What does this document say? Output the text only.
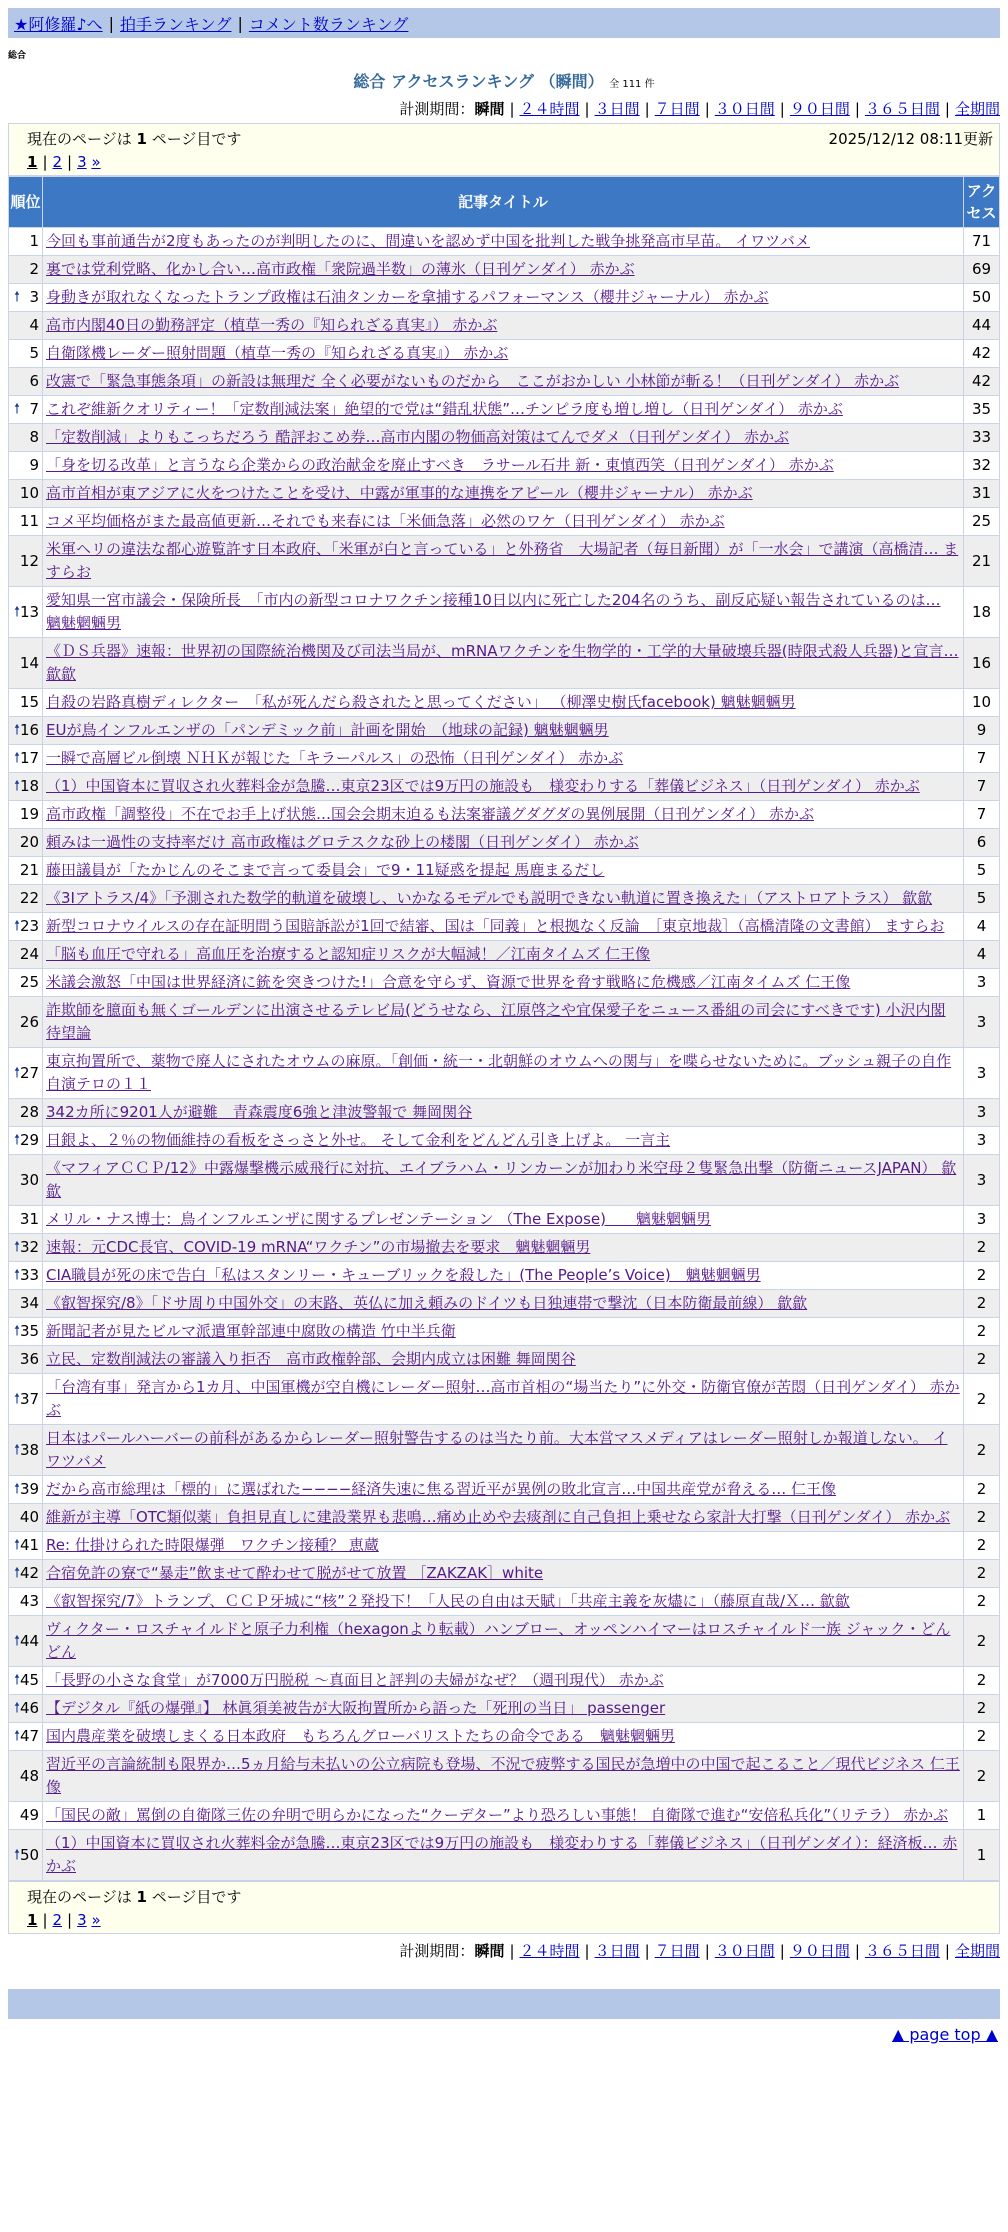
★阿修羅♪へ | 拍手ランキング | コメント数ランキング
総合
総合 アクセスランキング （瞬間） 全 111 件
計測期間：瞬間 | ２４時間 | ３日間 | ７日間 | ３０日間 | ９０日間 | ３６５日間 | 全期間
現在のページは 1 ページ目です	2025/12/12 08:11更新
1 | 2 | 3 »
順位	記事タイトル	アクセス
1	今回も事前通告が2度もあったのが判明したのに、間違いを認めず中国を批判した戦争挑発高市早苗。 イワツバメ	71
2	裏では党利党略、化かし合い…高市政権「衆院過半数」の薄氷（日刊ゲンダイ） 赤かぶ	69

🠕 3	身動きが取れなくなったトランプ政権は石油タンカーを拿捕するパフォーマンス（櫻井ジャーナル） 赤かぶ	50
4	高市内閣40日の勤務評定（植草一秀の『知られざる真実』） 赤かぶ	44
5	自衛隊機レーダー照射問題（植草一秀の『知られざる真実』） 赤かぶ	42
6	改憲で「緊急事態条項」の新設は無理だ 全く必要がないものだから　ここがおかしい 小林節が斬る！（日刊ゲンダイ） 赤かぶ	42

🠕 7	これぞ維新クオリティー！「定数削減法案」絶望的で党は“錯乱状態”…チンピラ度も増し増し（日刊ゲンダイ） 赤かぶ	35
8	「定数削減」よりもこっちだろう 酷評おこめ券…高市内閣の物価高対策はてんでダメ（日刊ゲンダイ） 赤かぶ	33
9	「身を切る改革」と言うなら企業からの政治献金を廃止すべき　ラサール石井 新・東慎西笑（日刊ゲンダイ） 赤かぶ	32
10	高市首相が東アジアに火をつけたことを受け、中露が軍事的な連携をアピール（櫻井ジャーナル） 赤かぶ	31
11	コメ平均価格がまた最高値更新…それでも来春には「米価急落」必然のワケ（日刊ゲンダイ） 赤かぶ	25
12	米軍ヘリの違法な都心遊覧許す日本政府、「米軍が白と言っている」と外務省　大場記者（毎日新聞）が「一水会」で講演（高橋清… ますらお	21

🠕 13	愛知県一宮市議会・保険所長　「市内の新型コロナワクチン接種10日以内に死亡した204名のうち、副反応疑い報告されているのは… 魑魅魍魎男	18
14	《ＤＳ兵器》速報：世界初の国際統治機関及び司法当局が、mRNAワクチンを生物学的・工学的大量破壊兵器(時限式殺人兵器)と宣言… 歙歙	16
15	自殺の岩路真樹ディレクター　「私が死んだら殺されたと思ってください」 （柳澤史樹氏facebook) 魑魅魍魎男	10

🠕 16	EUが鳥インフルエンザの「パンデミック前」計画を開始　（地球の記録) 魑魅魍魎男	9

🠕 17	一瞬で高層ビル倒壊 ＮＨＫが報じた「キラーパルス」の恐怖（日刊ゲンダイ） 赤かぶ	7

🠕 18	（1）中国資本に買収され火葬料金が急騰…東京23区では9万円の施設も　様変わりする「葬儀ビジネス」（日刊ゲンダイ） 赤かぶ	7
19	高市政権「調整役」不在でお手上げ状態…国会会期末迫るも法案審議グダグダの異例展開（日刊ゲンダイ） 赤かぶ	7
20	頼みは一過性の支持率だけ 高市政権はグロテスクな砂上の楼閣（日刊ゲンダイ） 赤かぶ	6
21	藤田議員が「たかじんのそこまで言って委員会」で9・11疑惑を提起 馬鹿まるだし	5
22	《3Iアトラス/4》「予測された数学的軌道を破壊し、いかなるモデルでも説明できない軌道に置き換えた」（アストロアトラス） 歙歙	5

🠕 23	新型コロナウイルスの存在証明問う国賠訴訟が1回で結審、国は「同義」と根拠なく反論　［東京地裁］（高橋清隆の文書館） ますらお	4
24	「脳も血圧で守れる」高血圧を治療すると認知症リスクが大幅減！／江南タイムズ 仁王像	4
25	米議会激怒「中国は世界経済に銃を突きつけた!」合意を守らず、資源で世界を脅す戦略に危機感／江南タイムズ 仁王像	3
26	詐欺師を臆面も無くゴールデンに出演させるテレビ局(どうせなら、江原啓之や宜保愛子をニュース番組の司会にすべきです) 小沢内閣待望論	3

🠕 27	東京拘置所で、薬物で廃人にされたオウムの麻原。「創価・統一・北朝鮮のオウムへの関与」を喋らせないために。ブッシュ親子の自作自演テロの１１	3
28	342カ所に9201人が避難　青森震度6強と津波警報で 舞岡関谷	3

🠕 29	日銀よ、２％の物価維持の看板をさっさと外せ。 そして金利をどんどん引き上げよ。 一言主	3
30	《マフィアＣＣＰ/12》中露爆撃機示威飛行に対抗、エイブラハム・リンカーンが加わり米空母２隻緊急出撃（防衛ニュースJAPAN） 歙歙	3
31	メリル・ナス博士：鳥インフルエンザに関するプレゼンテーション （The Expose)　　魑魅魍魎男	3

🠕 32	速報：元CDC長官、COVID-19 mRNA“ワクチン”の市場撤去を要求　魑魅魍魎男	2

🠕 33	CIA職員が死の床で告白「私はスタンリー・キューブリックを殺した」(The People’s Voice)　魑魅魍魎男	2
34	《叡智探究/8》「ドサ周り中国外交」の末路、英仏に加え頼みのドイツも日独連帯で撃沈（日本防衛最前線） 歙歙	2

🠕 35	新聞記者が見たビルマ派遣軍幹部連中腐敗の構造 竹中半兵衛	2
36	立民、定数削減法の審議入り拒否　高市政権幹部、会期内成立は困難 舞岡関谷	2

🠕 37	「台湾有事」発言から1カ月、中国軍機が空自機にレーダー照射…高市首相の“場当たり”に外交・防衛官僚が苦悶（日刊ゲンダイ） 赤かぶ	2

🠕 38	日本はパールハーバーの前科があるからレーダー照射警告するのは当たり前。大本営マスメディアはレーダー照射しか報道しない。 イワツバメ	2

🠕 39	だから高市総理は「標的」に選ばれた−−−−経済失速に焦る習近平が異例の敗北宣言…中国共産党が脅える… 仁王像	2
40	維新が主導「OTC類似薬」負担見直しに建設業界も悲鳴…痛め止めや去痰剤に自己負担上乗せなら家計大打撃（日刊ゲンダイ） 赤かぶ	2

🠕 41	Re: 仕掛けられた時限爆弾　ワクチン接種？ 恵蔵	2

🠕 42	合宿免許の寮で“暴走”飲ませて酔わせて脱がせて放置 ［ZAKZAK］white	2
43	《叡智探究/7》トランプ、ＣＣＰ牙城に“核”２発投下！「人民の自由は天賦」「共産主義を灰燼に」（藤原直哉/Ｘ… 歙歙	2

🠕 44	ヴィクター・ロスチャイルドと原子力利権（hexagonより転載）ハンブロー、オッペンハイマーはロスチャイルド一族 ジャック・どんどん	2

🠕 45	「長野の小さな食堂」が7000万円脱税 ～真面目と評判の夫婦がなぜ？（週刊現代） 赤かぶ	2

🠕 46	【デジタル『紙の爆弾』】 林眞須美被告が大阪拘置所から語った「死刑の当日」 passenger	2

🠕 47	国内農産業を破壊しまくる日本政府　もちろんグローバリストたちの命令である　魑魅魍魎男	2
48	習近平の言論統制も限界か…5ヵ月給与未払いの公立病院も登場、不況で疲弊する国民が急増中の中国で起こること／現代ビジネス 仁王像	2
49	「国民の敵」罵倒の自衛隊三佐の弁明で明らかになった“クーデター”より恐ろしい事態！ 自衛隊で進む“安倍私兵化”（リテラ） 赤かぶ	1

🠕 50	（1）中国資本に買収され火葬料金が急騰…東京23区では9万円の施設も　様変わりする「葬儀ビジネス」（日刊ゲンダイ）：経済板… 赤かぶ	1
現在のページは 1 ページ目です
1 | 2 | 3 »
計測期間：瞬間 | ２４時間 | ３日間 | ７日間 | ３０日間 | ９０日間 | ３６５日間 | 全期間
▲ page top ▲
